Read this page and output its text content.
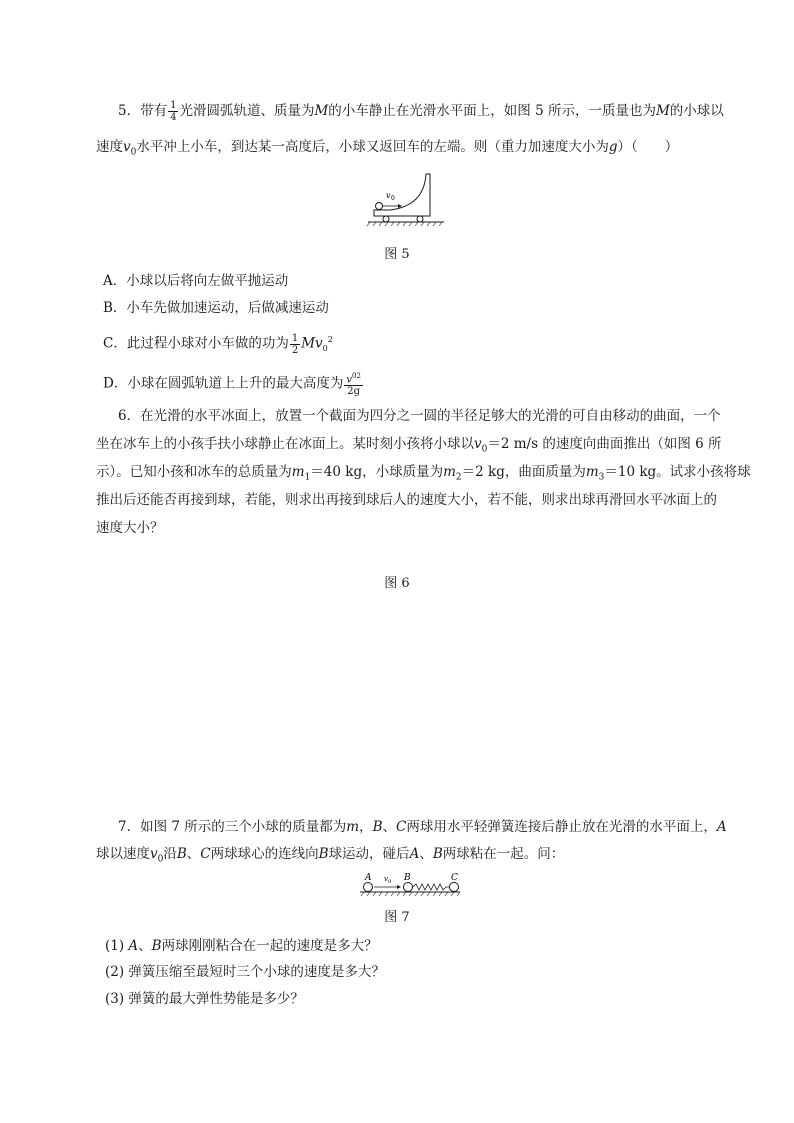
5．带有 $\frac{1}{4}$ 光滑圆弧轨道、质量为M的小车静止在光滑水平面上，如图 5 所示，一质量也为M的小球以
速度$v_0$水平冲上小车，到达某一高度后，小球又返回车的左端。则（重力加速度大小为g）（　　）
v 0
图 5
A．小球以后将向左做平抛运动
B．小车先做加速运动，后做减速运动
C．此过程小球对小车做的功为 $\frac{1}{2} Mv_0^2$
D．小球在圆弧轨道上上升的最大高度为 $\frac{v^{02}}{2g}$
6．在光滑的水平冰面上，放置一个截面为四分之一圆的半径足够大的光滑的可自由移动的曲面，一个
坐在冰车上的小孩手扶小球静止在冰面上。某时刻小孩将小球以$v_0=2$ m/s 的速度向曲面推出（如图 6 所
示）。已知小孩和冰车的总质量为$m_1=40$ kg，小球质量为$m_2=2$ kg，曲面质量为$m_3=10$ kg。试求小孩将球
推出后还能否再接到球，若能，则求出再接到球后人的速度大小，若不能，则求出球再滑回水平冰面上的
速度大小？
图 6
7．如图 7 所示的三个小球的质量都为m，B、C两球用水平轻弹簧连接后静止放在光滑的水平面上，A
球以速度$v_0$沿B、C两球球心的连线向B球运动，碰后A、B两球粘在一起。问：
A v 0 B	C
图 7
(1) A、B两球刚刚粘合在一起的速度是多大？
(2) 弹簧压缩至最短时三个小球的速度是多大？
(3) 弹簧的最大弹性势能是多少？
